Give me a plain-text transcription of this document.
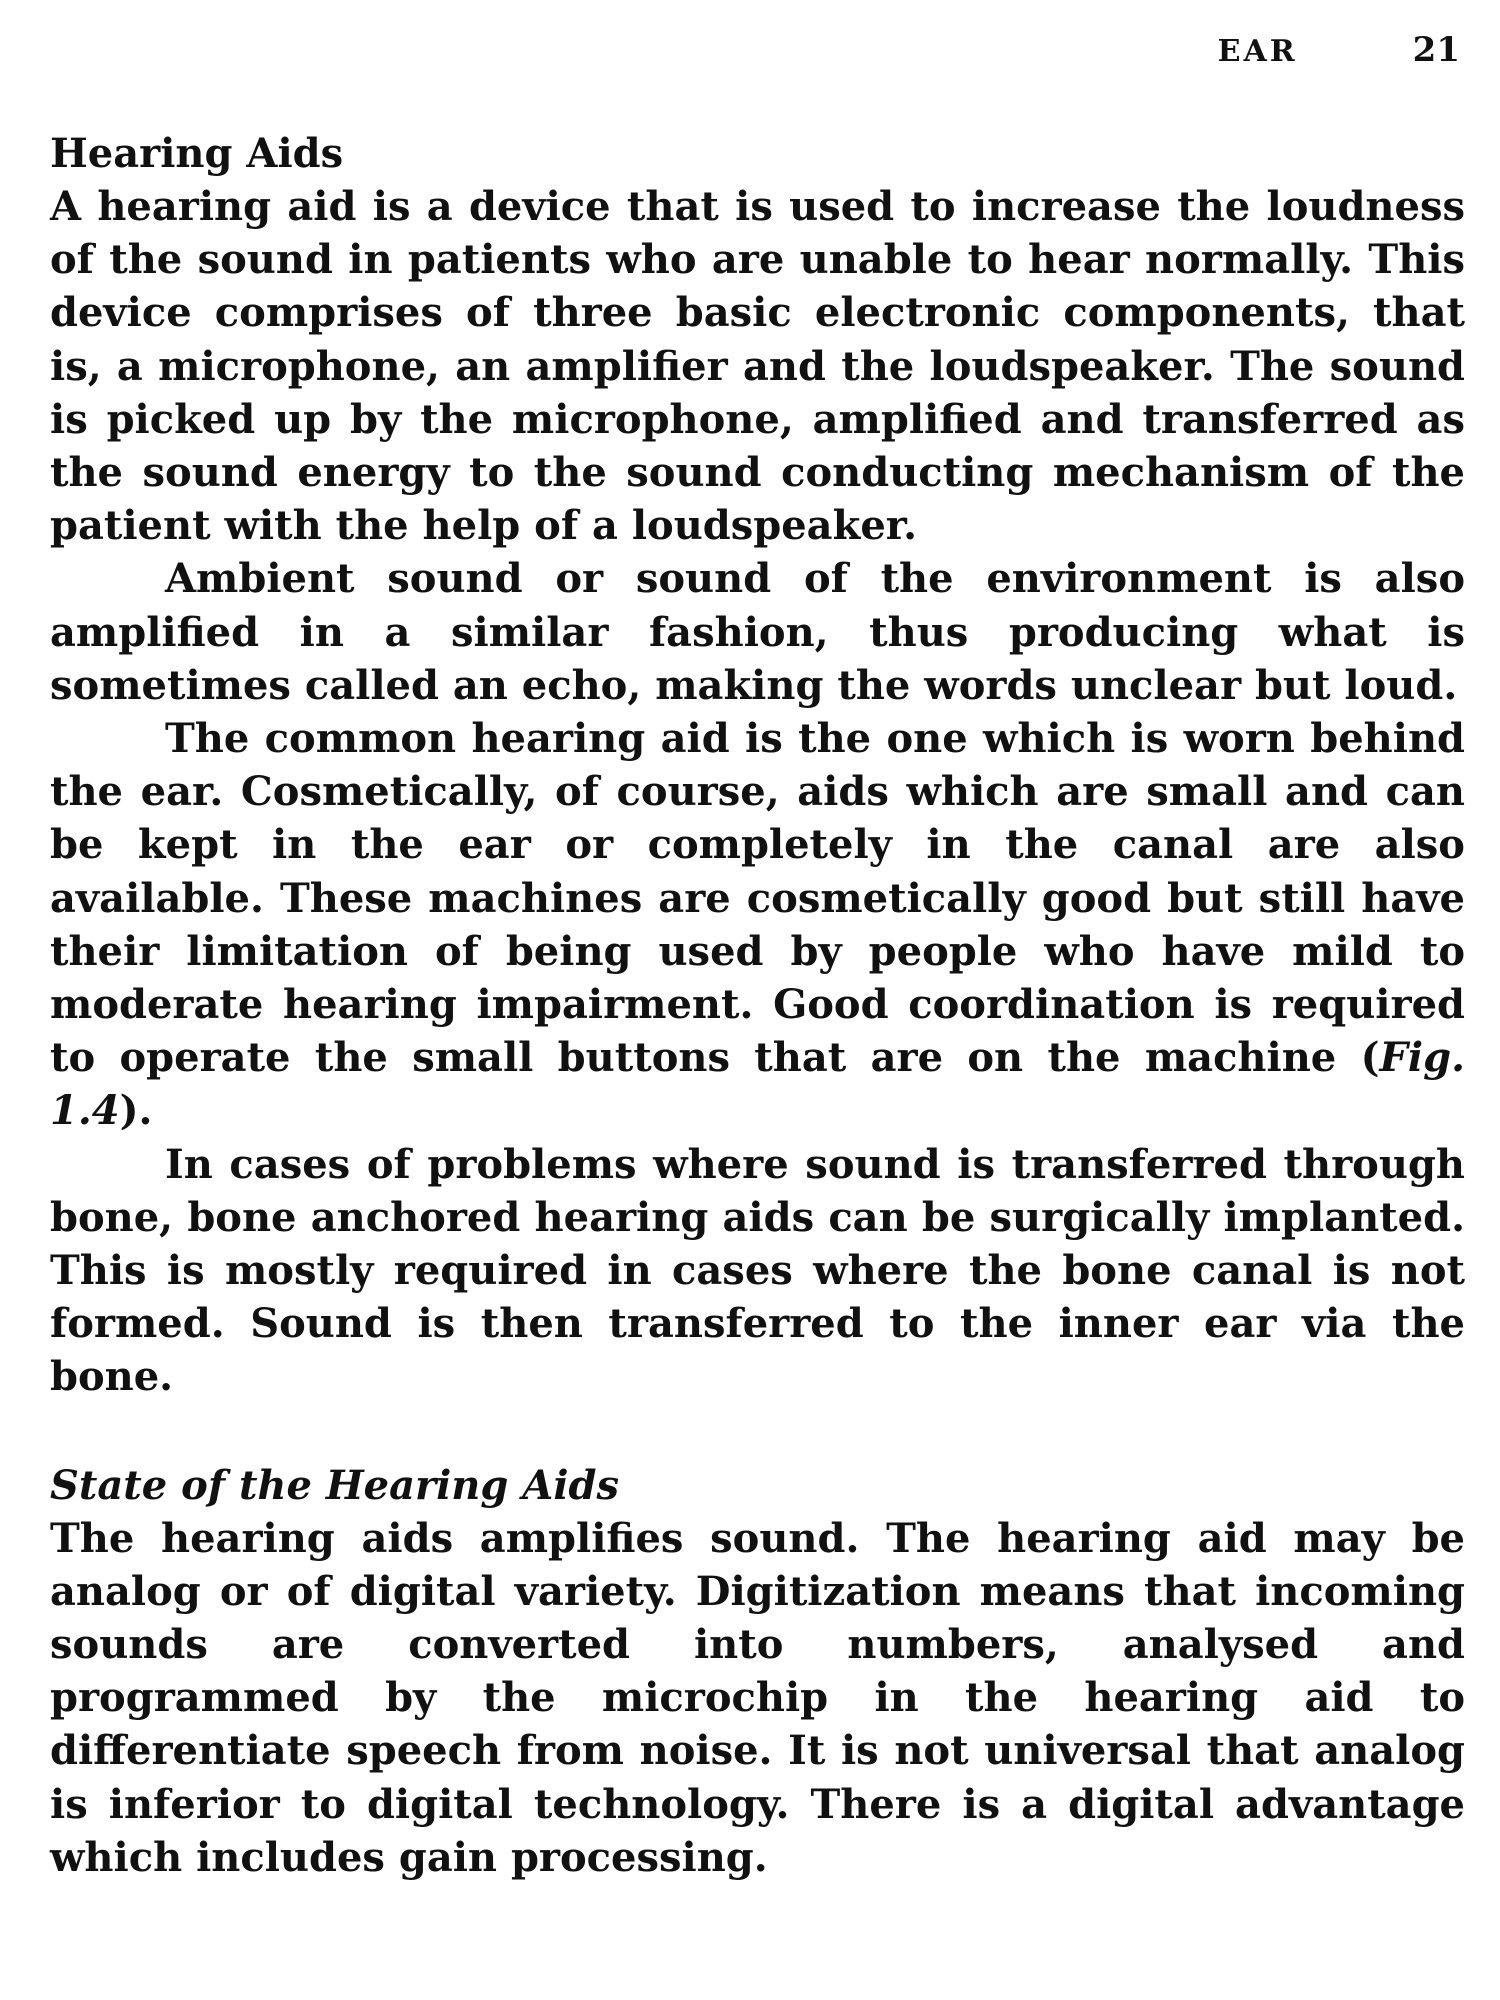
EAR	21
Hearing Aids

A hearing aid is a device that is used to increase the loudness of the sound in patients who are unable to hear normally. This device comprises of three basic electronic components, that is, a microphone, an amplifier and the loudspeaker. The sound is picked up by the microphone, amplified and transferred as the sound energy to the sound conducting mechanism of the patient with the help of a loudspeaker.

Ambient sound or sound of the environment is also amplified in a similar fashion, thus producing what is sometimes called an echo, making the words unclear but loud.

The common hearing aid is the one which is worn behind the ear. Cosmetically, of course, aids which are small and can be kept in the ear or completely in the canal are also available. These machines are cosmetically good but still have their limitation of being used by people who have mild to moderate hearing impairment. Good coordination is required to operate the small buttons that are on the machine (Fig. 1.4).

In cases of problems where sound is transferred through bone, bone anchored hearing aids can be surgically implanted. This is mostly required in cases where the bone canal is not formed. Sound is then transferred to the inner ear via the bone.

State of the Hearing Aids

The hearing aids amplifies sound. The hearing aid may be analog or of digital variety. Digitization means that incoming sounds are converted into numbers, analysed and programmed by the microchip in the hearing aid to differentiate speech from noise. It is not universal that analog is inferior to digital technology. There is a digital advantage which includes gain processing.
